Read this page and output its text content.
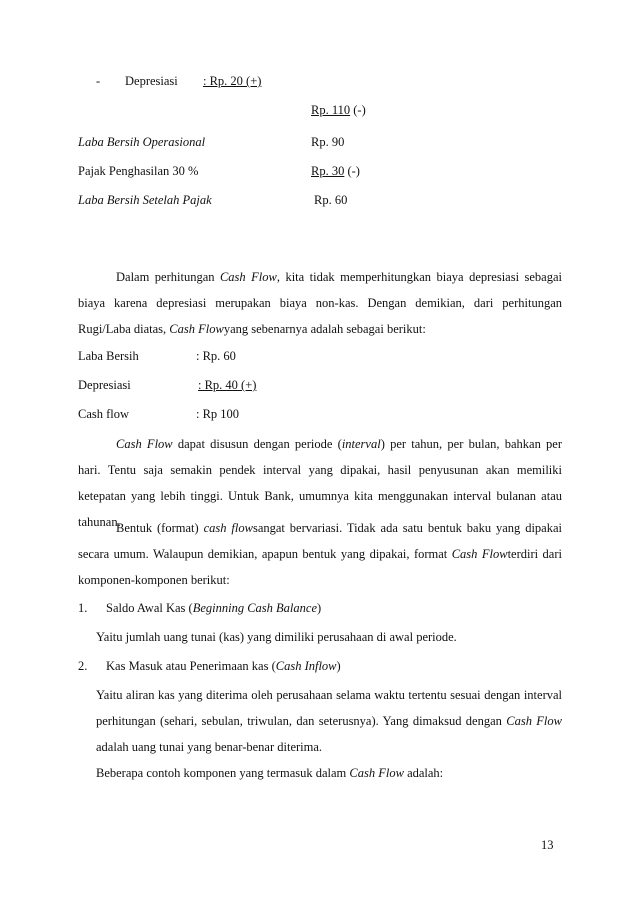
- Depresiasi : Rp. 20 (+)
Rp. 110 (-)
Laba Bersih Operasional	Rp. 90
Pajak Penghasilan 30 %	Rp. 30 (-)
Laba Bersih Setelah Pajak	Rp. 60
Dalam perhitungan Cash Flow, kita tidak memperhitungkan biaya depresiasi sebagai biaya karena depresiasi merupakan biaya non-kas. Dengan demikian, dari perhitungan Rugi/Laba diatas, Cash Flowyang sebenarnya adalah sebagai berikut:
Laba Bersih	: Rp. 60
Depresiasi	: Rp. 40 (+)
Cash flow	: Rp 100
Cash Flow dapat disusun dengan periode (interval) per tahun, per bulan, bahkan per hari. Tentu saja semakin pendek interval yang dipakai, hasil penyusunan akan memiliki ketepatan yang lebih tinggi. Untuk Bank, umumnya kita menggunakan interval bulanan atau tahunan.
Bentuk (format) cash flowsangat bervariasi. Tidak ada satu bentuk baku yang dipakai secara umum. Walaupun demikian, apapun bentuk yang dipakai, format Cash Flowterdiri dari komponen-komponen berikut:
1. Saldo Awal Kas (Beginning Cash Balance)
Yaitu jumlah uang tunai (kas) yang dimiliki perusahaan di awal periode.
2. Kas Masuk atau Penerimaan kas (Cash Inflow)
Yaitu aliran kas yang diterima oleh perusahaan selama waktu tertentu sesuai dengan interval perhitungan (sehari, sebulan, triwulan, dan seterusnya). Yang dimaksud dengan Cash Flow adalah uang tunai yang benar-benar diterima.
Beberapa contoh komponen yang termasuk dalam Cash Flow adalah:
13
